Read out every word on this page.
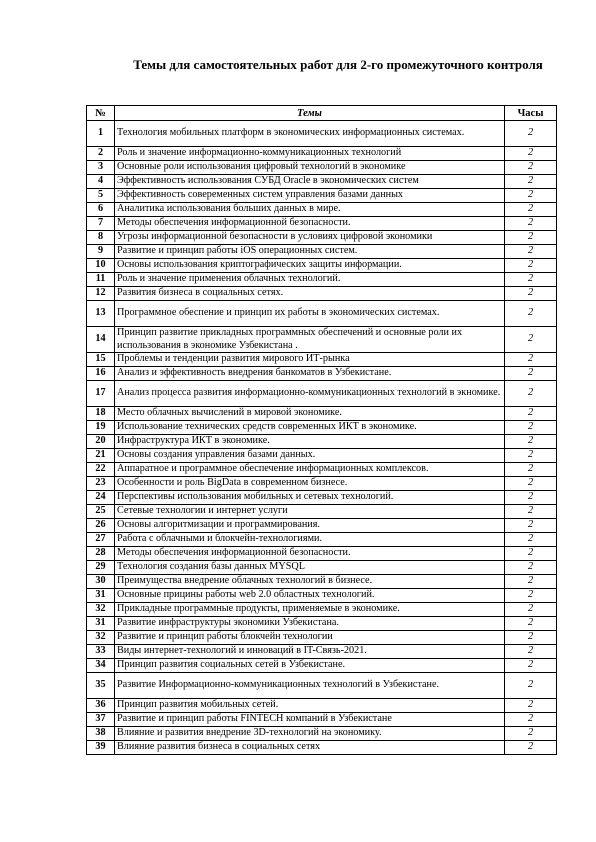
Темы для самостоятельных работ для 2-го промежуточного контроля
№	Темы	Часы
1	Технология мобильных платформ в экономических информационных системах.	2
2	Роль и значение информационно-коммуникационных технологий	2
3	Основные роли использования цифровый технологий в экономике	2
4	Эффективность использования СУБД Oracle в экономических систем	2
5	Эффективность совеременных систем управления базами данных	2
6	Аналитика использования больших данных в мире.	2
7	Методы обеспечения информационной безопасности.	2
8	Угрозы информационной безопасности в условиях цифровой экономики	2
9	Развитие и принцип работы iOS операционных систем.	2
10	Основы использования криптографических защиты информации.	2
11	Роль и значение применения облачных технологий.	2
12	Развития бизнеса в социальных сетях.	2
13	Программное обеспение и принцип их работы в экономических системах.	2
14	Принцип развитие прикладных программных обеспечений и основные роли их использования в экономике Узбекистана .	2
15	Проблемы и тенденции развития мирового ИТ-рынка	2
16	Анализ и эффективность внедрения банкоматов в Узбекистане.	2
17	Анализ процесса развития информационно-коммуникационных технологий в экномике.	2
18	Место облачных вычислений в мировой экономике.	2
19	Использование технических средств современных ИКТ в экономике.	2
20	Инфраструктура ИКТ в экономике.	2
21	Основы создания управления базами данных.	2
22	Аппаратное и программное обеспечение информационных комплексов.	2
23	Особенности и роль BigData в современном бизнесе.	2
24	Перспективы использования мобильных и сетевых технологий.	2
25	Сетевые технологии и интернет услуги	2
26	Основы алгоритмизации и программирования.	2
27	Работа с облачными и блокчейн-технологиями.	2
28	Методы обеспечения информационной безопасности.	2
29	Технология создания базы данных MYSQL	2
30	Преимущества внедрение облачных технологий в бизнесе.	2
31	Основные прицины работы web 2.0 областных технологий.	2
32	Прикладные программные продукты, применяемые в экономике.	2
31	Развитие инфраструктуры экономики Узбекистана.	2
32	Развитие и принцип работы блокчейн технологии	2
33	Виды интернет-технологий и инноваций в IT-Связь-2021.	2
34	Принцип развития социальных сетей в Узбекистане.	2
35	Развитие Информационно-коммуникационных технологий в Узбекистане.	2
36	Принцип развития мобильных сетей.	2
37	Развитие и принцип работы FINTECH компаний в Узбекистане	2
38	Влияние и развития внедрение 3D-технологий на экономику.	2
39	Влияние развития бизнеса в социальных сетях	2
